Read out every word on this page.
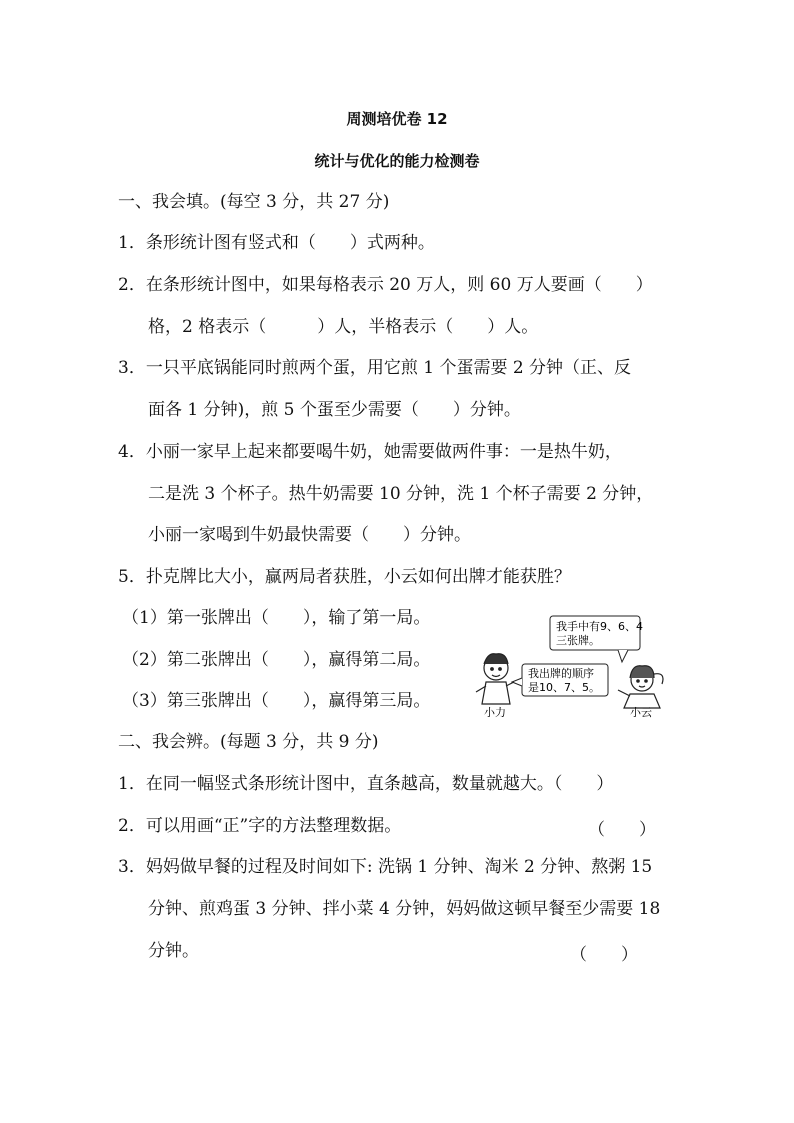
周测培优卷 12
统计与优化的能力检测卷
一、我会填。(每空 3 分，共 27 分)
1．条形统计图有竖式和（　　）式两种。
2．在条形统计图中，如果每格表示 20 万人，则 60 万人要画（　　）
格，2 格表示（　　　）人，半格表示（　　）人。
3．一只平底锅能同时煎两个蛋，用它煎 1 个蛋需要 2 分钟（正、反
面各 1 分钟)，煎 5 个蛋至少需要（　　）分钟。
4．小丽一家早上起来都要喝牛奶，她需要做两件事：一是热牛奶，
二是洗 3 个杯子。热牛奶需要 10 分钟，洗 1 个杯子需要 2 分钟，
小丽一家喝到牛奶最快需要（　　）分钟。
5．扑克牌比大小，赢两局者获胜，小云如何出牌才能获胜？
（1）第一张牌出（　　），输了第一局。
（2）第二张牌出（　　），赢得第二局。
（3）第三张牌出（　　），赢得第三局。
我手中有9、6、4
三张牌。
我出牌的顺序
是10、7、5。
小力	小云
二、我会辨。(每题 3 分，共 9 分)
1．在同一幅竖式条形统计图中，直条越高，数量就越大。（　　）
2．可以用画“正”字的方法整理数据。	（　　）
3．妈妈做早餐的过程及时间如下: 洗锅 1 分钟、淘米 2 分钟、熬粥 15
分钟、煎鸡蛋 3 分钟、拌小菜 4 分钟，妈妈做这顿早餐至少需要 18
分钟。	（　　）
